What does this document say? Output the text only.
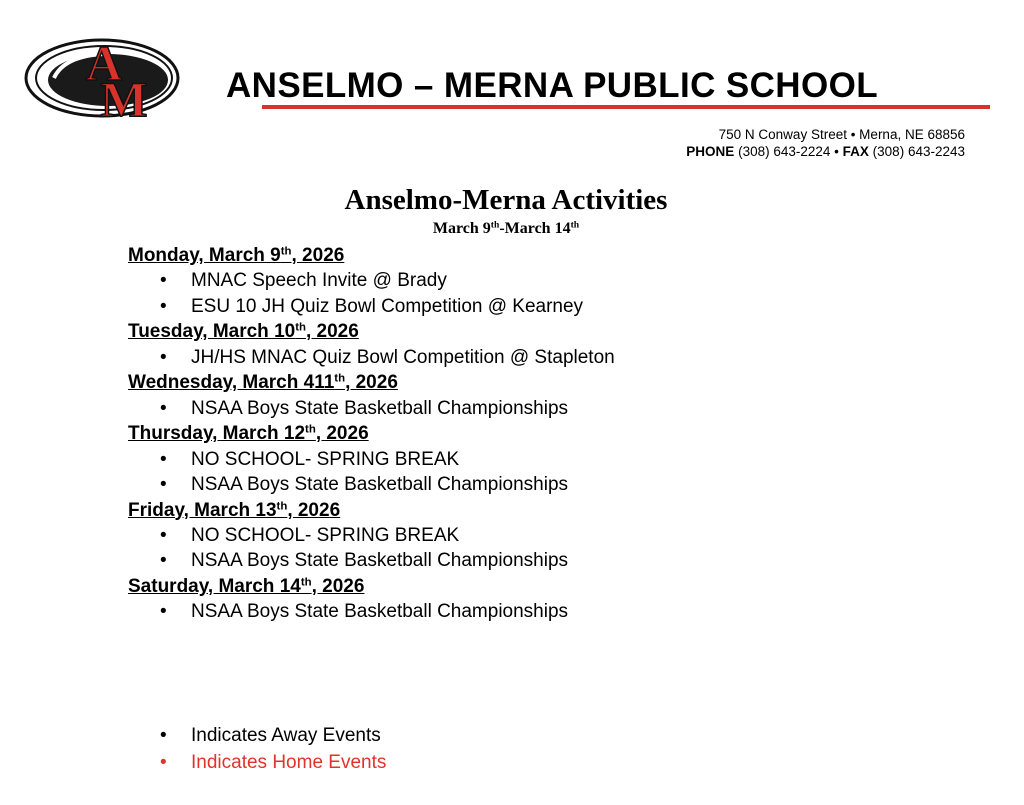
A
M ANSELMO – MERNA PUBLIC SCHOOL
750 N Conway Street • Merna, NE 68856
PHONE (308) 643-2224 • FAX (308) 643-2243
Anselmo-Merna Activities
March 9th-March 14th
Monday, March 9th, 2026
• MNAC Speech Invite @ Brady
• ESU 10 JH Quiz Bowl Competition @ Kearney
Tuesday, March 10th, 2026
• JH/HS MNAC Quiz Bowl Competition @ Stapleton
Wednesday, March 411th, 2026
• NSAA Boys State Basketball Championships
Thursday, March 12th, 2026
• NO SCHOOL- SPRING BREAK
• NSAA Boys State Basketball Championships
Friday, March 13th, 2026
• NO SCHOOL- SPRING BREAK
• NSAA Boys State Basketball Championships
Saturday, March 14th, 2026
• NSAA Boys State Basketball Championships
• Indicates Away Events
• Indicates Home Events
